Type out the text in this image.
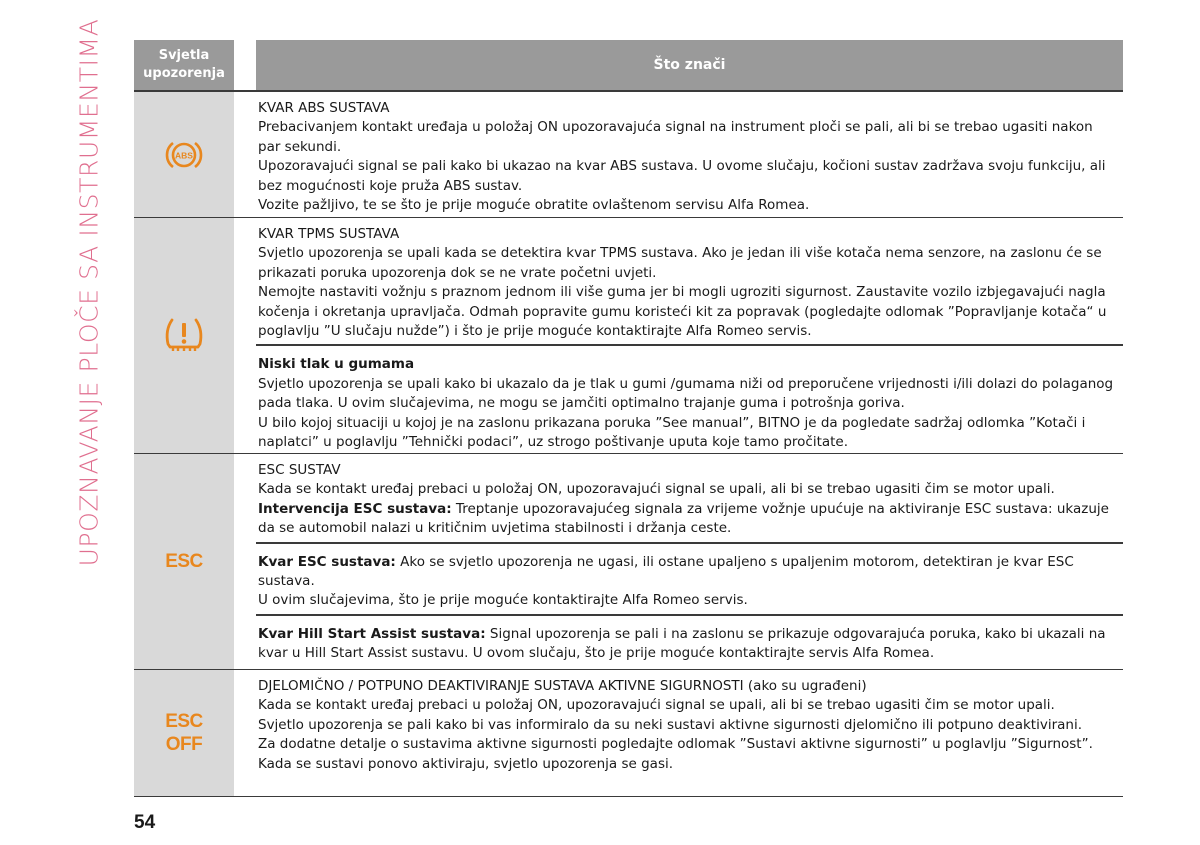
UPOZNAVANJE PLOČE SA INSTRUMENTIMA	Svjetla upozorenja
Što znači
ABS

KVAR ABS SUSTAVA

Prebacivanjem kontakt uređaja u položaj ON upozoravajuća signal na instrument ploči se pali, ali bi se trebao ugasiti nakon par sekundi.

Upozoravajući signal se pali kako bi ukazao na kvar ABS sustava. U ovome slučaju, kočioni sustav zadržava svoju funkciju, ali bez mogućnosti koje pruža ABS sustav.

Vozite pažljivo, te se što je prije moguće obratite ovlaštenom servisu Alfa Romea.

KVAR TPMS SUSTAVA

Svjetlo upozorenja se upali kada se detektira kvar TPMS sustava. Ako je jedan ili više kotača nema senzore, na zaslonu će se prikazati poruka upozorenja dok se ne vrate početni uvjeti.

Nemojte nastaviti vožnju s praznom jednom ili više guma jer bi mogli ugroziti sigurnost. Zaustavite vozilo izbjegavajući nagla kočenja i okretanja upravljača. Odmah popravite gumu koristeći kit za popravak (pogledajte odlomak ”Popravljanje kotača“ u poglavlju ”U slučaju nužde”) i što je prije moguće kontaktirajte Alfa Romeo servis.

Niski tlak u gumama

Svjetlo upozorenja se upali kako bi ukazalo da je tlak u gumi /gumama niži od preporučene vrijednosti i/ili dolazi do polaganog pada tlaka. U ovim slučajevima, ne mogu se jamčiti optimalno trajanje guma i potrošnja goriva.

U bilo kojoj situaciji u kojoj je na zaslonu prikazana poruka ”See manual”, BITNO je da pogledate sadržaj odlomka ”Kotači i naplatci” u poglavlju ”Tehnički podaci”, uz strogo poštivanje uputa koje tamo pročitate.

ESC

ESC SUSTAV

Kada se kontakt uređaj prebaci u položaj ON, upozoravajući signal se upali, ali bi se trebao ugasiti čim se motor upali.

Intervencija ESC sustava: Treptanje upozoravajućeg signala za vrijeme vožnje upućuje na aktiviranje ESC sustava: ukazuje da se automobil nalazi u kritičnim uvjetima stabilnosti i držanja ceste.

Kvar ESC sustava: Ako se svjetlo upozorenja ne ugasi, ili ostane upaljeno s upaljenim motorom, detektiran je kvar ESC sustava.

U ovim slučajevima, što je prije moguće kontaktirajte Alfa Romeo servis.

Kvar Hill Start Assist sustava: Signal upozorenja se pali i na zaslonu se prikazuje odgovarajuća poruka, kako bi ukazali na kvar u Hill Start Assist sustavu. U ovom slučaju, što je prije moguće kontaktirajte servis Alfa Romea.

ESC
OFF

DJELOMIČNO / POTPUNO DEAKTIVIRANJE SUSTAVA AKTIVNE SIGURNOSTI (ako su ugrađeni)

Kada se kontakt uređaj prebaci u položaj ON, upozoravajući signal se upali, ali bi se trebao ugasiti čim se motor upali.

Svjetlo upozorenja se pali kako bi vas informiralo da su neki sustavi aktivne sigurnosti djelomično ili potpuno deaktivirani.

Za dodatne detalje o sustavima aktivne sigurnosti pogledajte odlomak ”Sustavi aktivne sigurnosti” u poglavlju ”Sigurnost”. Kada se sustavi ponovo aktiviraju, svjetlo upozorenja se gasi.

54
